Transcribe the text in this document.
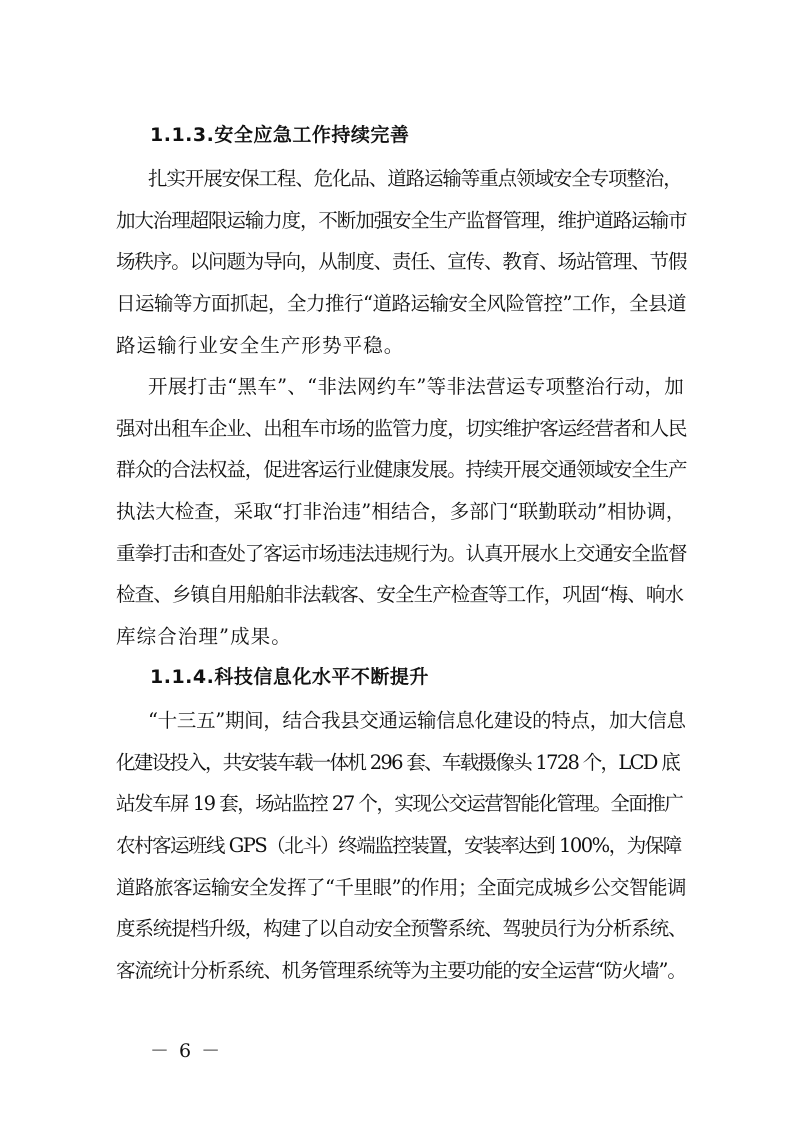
1.1.3.安全应急工作持续完善

扎实开展安保工程、危化品、道路运输等重点领域安全专项整治，
加大治理超限运输力度，不断加强安全生产监督管理，维护道路运输市
场秩序。以问题为导向，从制度、责任、宣传、教育、场站管理、节假
日运输等方面抓起，全力推行“道路运输安全风险管控”工作，全县道
路运输行业安全生产形势平稳。

开展打击“黑车”、“非法网约车”等非法营运专项整治行动，加
强对出租车企业、出租车市场的监管力度，切实维护客运经营者和人民
群众的合法权益，促进客运行业健康发展。持续开展交通领域安全生产
执法大检查，采取“打非治违”相结合，多部门“联勤联动”相协调，
重拳打击和查处了客运市场违法违规行为。认真开展水上交通安全监督
检查、乡镇自用船舶非法载客、安全生产检查等工作，巩固“梅、响水
库综合治理”成果。

1.1.4.科技信息化水平不断提升

“十三五”期间，结合我县交通运输信息化建设的特点，加大信息
化建设投入，共安装车载一体机 296 套、车载摄像头 1728 个，LCD 底
站发车屏 19 套，场站监控 27 个，实现公交运营智能化管理。全面推广
农村客运班线 GPS（北斗）终端监控装置，安装率达到 100%，为保障
道路旅客运输安全发挥了“千里眼”的作用；全面完成城乡公交智能调
度系统提档升级，构建了以自动安全预警系统、驾驶员行为分析系统、
客流统计分析系统、机务管理系统等为主要功能的安全运营“防火墙”。

－ 6 －
